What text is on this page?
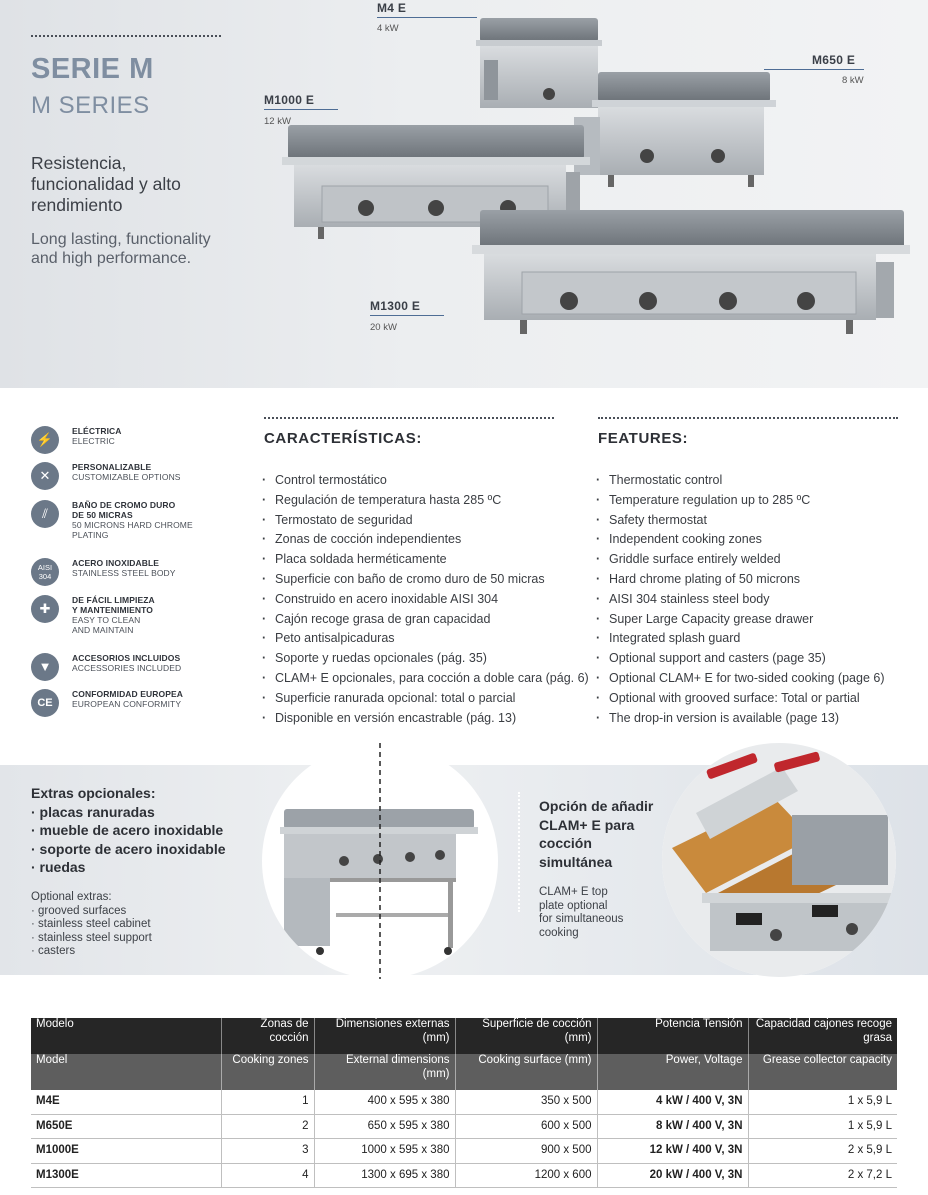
SERIE M
M SERIES
Resistencia, funcionalidad y alto rendimiento
Long lasting, functionality and high performance.
M4 E
4 kW
M650 E
8 kW
M1000 E
12 kW
M1300 E
20 kW
⚡
ELÉCTRICA
ELECTRIC
✕
PERSONALIZABLE
CUSTOMIZABLE OPTIONS
⫽
BAÑO DE CROMO DURO
DE 50 MICRAS
50 MICRONS HARD CHROME
PLATING
AISI 304
ACERO INOXIDABLE
STAINLESS STEEL BODY
✚
DE FÁCIL LIMPIEZA
Y MANTENIMIENTO
EASY TO CLEAN
AND MAINTAIN
▼
ACCESORIOS INCLUIDOS
ACCESSORIES INCLUDED
CE
CONFORMIDAD EUROPEA
EUROPEAN CONFORMITY
CARACTERÍSTICAS:
· Control termostático
· Regulación de temperatura hasta 285 ºC
· Termostato de seguridad
· Zonas de cocción independientes
· Placa soldada herméticamente
· Superficie con baño de cromo duro de 50 micras
· Construido en acero inoxidable AISI 304
· Cajón recoge grasa de gran capacidad
· Peto antisalpicaduras
· Soporte y ruedas opcionales (pág. 35)
· CLAM+ E opcionales, para cocción a doble cara (pág. 6)
· Superficie ranurada opcional: total o parcial
· Disponible en versión encastrable (pág. 13)
FEATURES:
· Thermostatic control
· Temperature regulation up to 285 ºC
· Safety thermostat
· Independent cooking zones
· Griddle surface entirely welded
· Hard chrome plating of 50 microns
· AISI 304 stainless steel body
· Super Large Capacity grease drawer
· Integrated splash guard
· Optional support and casters (page 35)
· Optional CLAM+ E for two-sided cooking (page 6)
· Optional with grooved surface: Total or partial
· The drop-in version is available (page 13)
Extras opcionales:
· placas ranuradas
· mueble de acero inoxidable
· soporte de acero inoxidable
· ruedas
Optional extras:
· grooved surfaces
· stainless steel cabinet
· stainless steel support
· casters
Opción de añadir
CLAM+ E para
cocción
simultánea
CLAM+ E top
plate optional
for simultaneous
cooking
Modelo	Zonas de cocción	Dimensiones externas (mm)	Superficie de cocción (mm)	Potencia Tensión	Capacidad cajones recoge grasa
Model	Cooking zones	External dimensions (mm)	Cooking surface (mm)	Power, Voltage	Grease collector capacity
M4E	1	400 x 595 x 380	350 x 500	4 kW / 400 V, 3N	1 x 5,9 L
M650E	2	650 x 595 x 380	600 x 500	8 kW / 400 V, 3N	1 x 5,9 L
M1000E	3	1000 x 595 x 380	900 x 500	12 kW / 400 V, 3N	2 x 5,9 L
M1300E	4	1300 x 695 x 380	1200 x 600	20 kW / 400 V, 3N	2 x 7,2 L
